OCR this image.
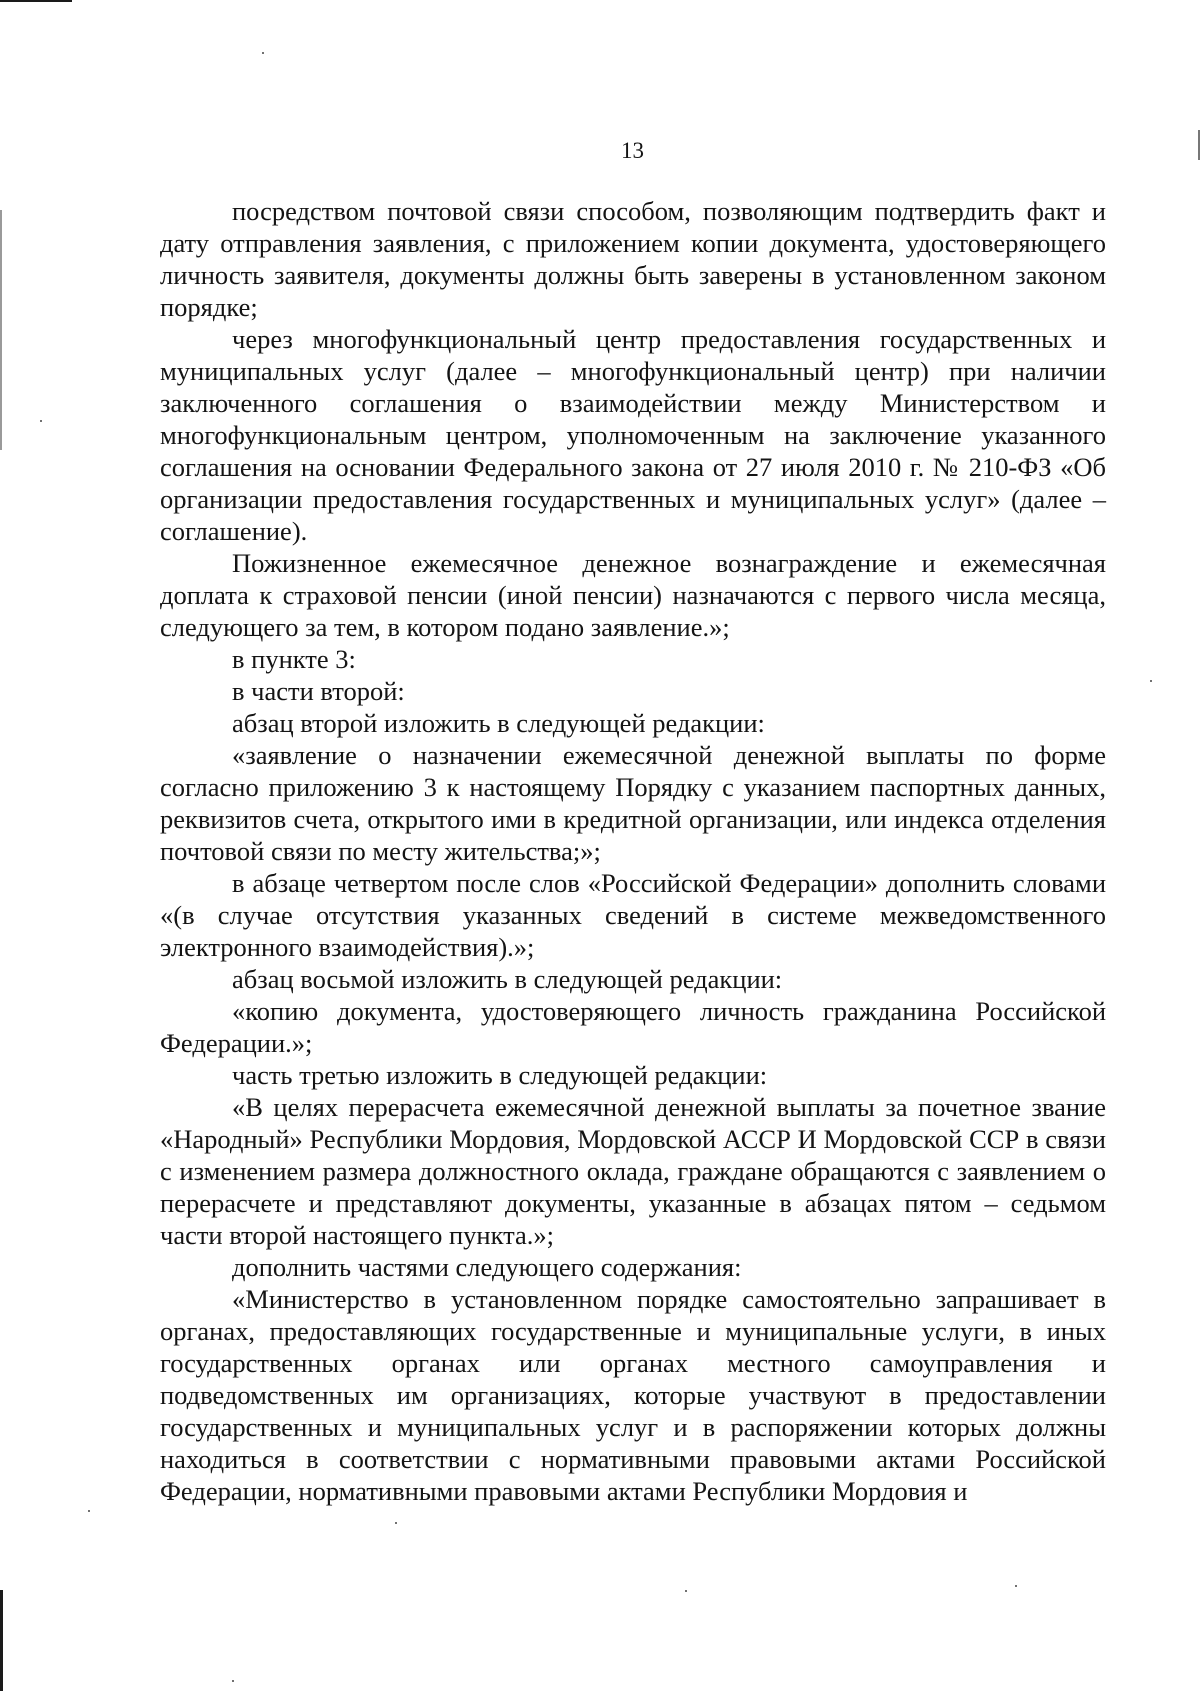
13

посредством почтовой связи способом, позволяющим подтвердить факт и дату отправления заявления, с приложением копии документа, удостоверяющего личность заявителя, документы должны быть заверены в установленном законом порядке;

через многофункциональный центр предоставления государственных и муниципальных услуг (далее – многофункциональный центр) при наличии заключенного соглашения о взаимодействии между Министерством и многофункциональным центром, уполномоченным на заключение указанного соглашения на основании Федерального закона от 27 июля 2010 г. № 210-ФЗ «Об организации предоставления государственных и муниципальных услуг» (далее – соглашение).

Пожизненное ежемесячное денежное вознаграждение и ежемесячная доплата к страховой пенсии (иной пенсии) назначаются с первого числа месяца, следующего за тем, в котором подано заявление.»;

в пункте 3:

в части второй:

абзац второй изложить в следующей редакции:

«заявление о назначении ежемесячной денежной выплаты по форме согласно приложению 3 к настоящему Порядку с указанием паспортных данных, реквизитов счета, открытого ими в кредитной организации, или индекса отделения почтовой связи по месту жительства;»;

в абзаце четвертом после слов «Российской Федерации» дополнить словами «(в случае отсутствия указанных сведений в системе межведомственного электронного взаимодействия).»;

абзац восьмой изложить в следующей редакции:

«копию документа, удостоверяющего личность гражданина Российской Федерации.»;

часть третью изложить в следующей редакции:

«В целях перерасчета ежемесячной денежной выплаты за почетное звание «Народный» Республики Мордовия, Мордовской АССР И Мордовской ССР в связи с изменением размера должностного оклада, граждане обращаются с заявлением о перерасчете и представляют документы, указанные в абзацах пятом – седьмом части второй настоящего пункта.»;

дополнить частями следующего содержания:

«Министерство в установленном порядке самостоятельно запрашивает в органах, предоставляющих государственные и муниципальные услуги, в иных государственных органах или органах местного самоуправления и подведомственных им организациях, которые участвуют в предоставлении государственных и муниципальных услуг и в распоряжении которых должны находиться в соответствии с нормативными правовыми актами Российской Федерации, нормативными правовыми актами Республики Мордовия и
